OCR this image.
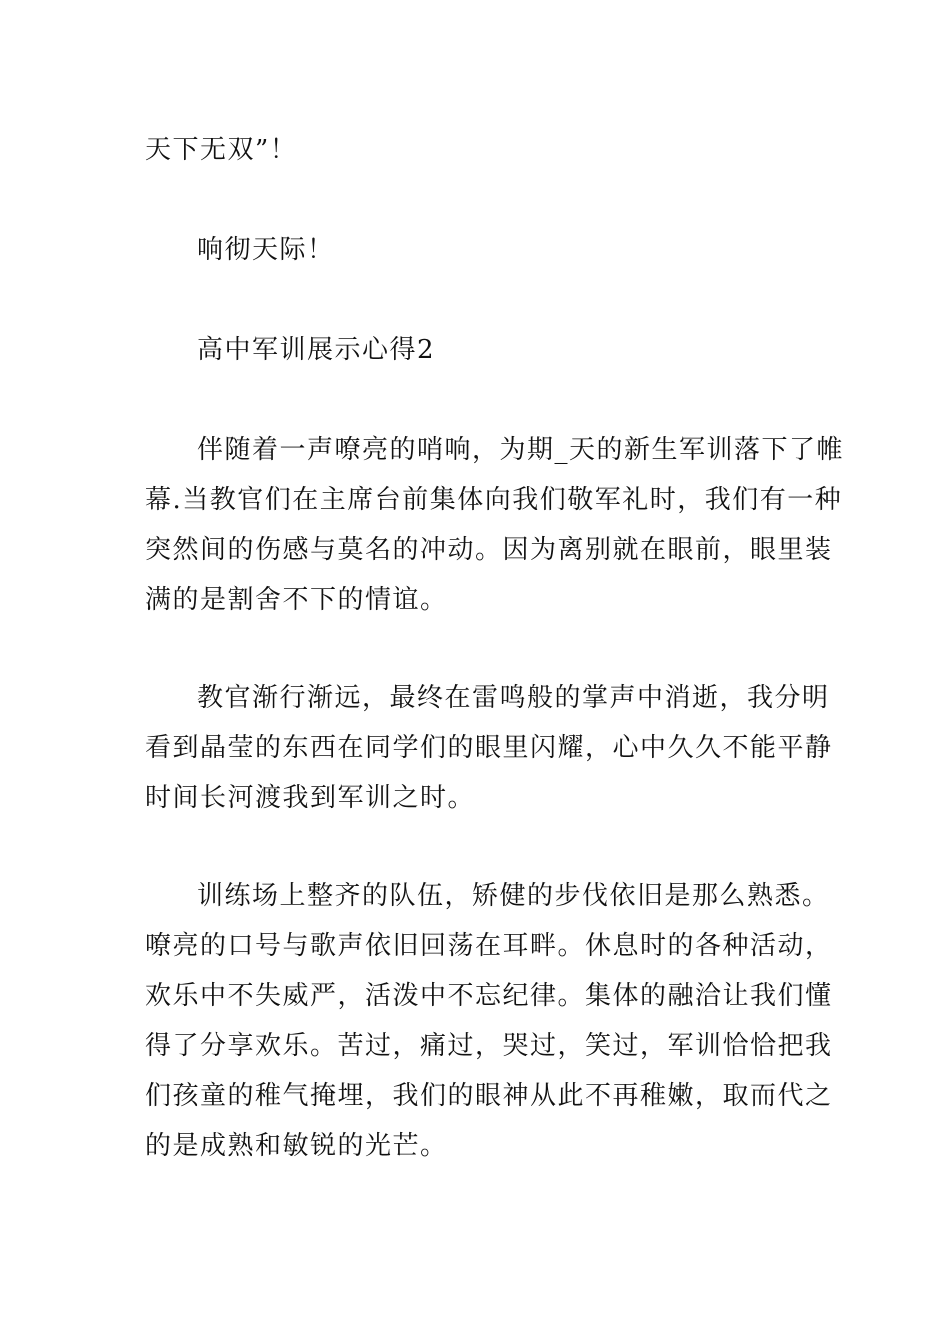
天下无双”！
响彻天际！
高中军训展示心得2
伴随着一声嘹亮的哨响，为期_天的新生军训落下了帷
幕.当教官们在主席台前集体向我们敬军礼时，我们有一种
突然间的伤感与莫名的冲动。因为离别就在眼前，眼里装
满的是割舍不下的情谊。
教官渐行渐远，最终在雷鸣般的掌声中消逝，我分明
看到晶莹的东西在同学们的眼里闪耀，心中久久不能平静
时间长河渡我到军训之时。
训练场上整齐的队伍，矫健的步伐依旧是那么熟悉。
嘹亮的口号与歌声依旧回荡在耳畔。休息时的各种活动，
欢乐中不失威严，活泼中不忘纪律。集体的融洽让我们懂
得了分享欢乐。苦过，痛过，哭过，笑过，军训恰恰把我
们孩童的稚气掩埋，我们的眼神从此不再稚嫩，取而代之
的是成熟和敏锐的光芒。
